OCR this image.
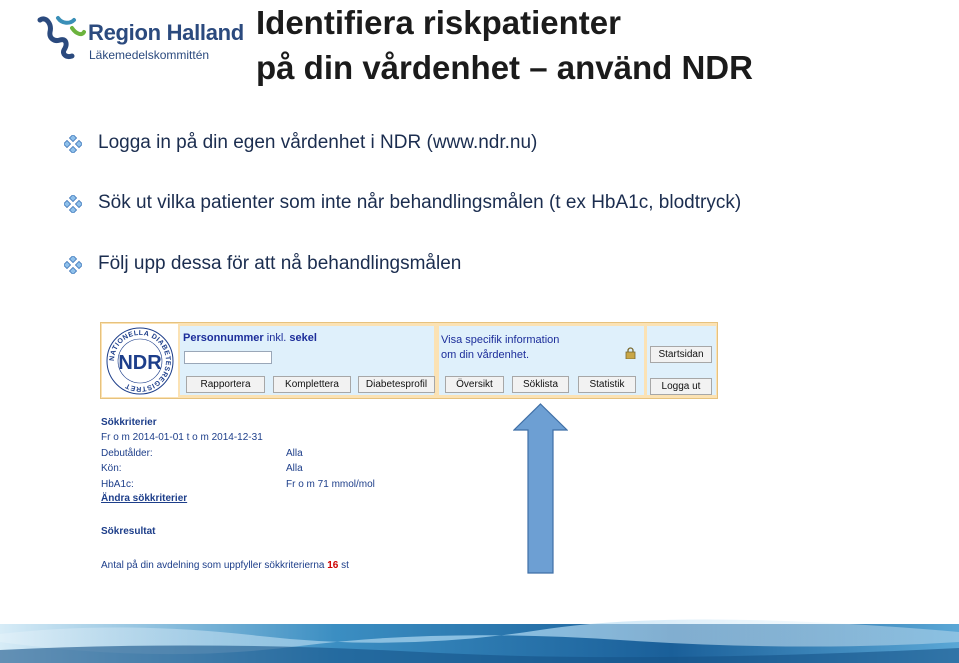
Region Halland
Läkemedelskommittén
Identifiera riskpatienter
på din vårdenhet – använd NDR
Logga in på din egen vårdenhet i NDR (www.ndr.nu)
Sök ut vilka patienter som inte når behandlingsmålen (t ex HbA1c, blodtryck)
Följ upp dessa för att nå behandlingsmålen
NATIONELLA DIABETESREGISTRET
NDR
Personnummer inkl. sekel
Rapportera	Komplettera	Diabetesprofil
Visa specifik information
om din vårdenhet.
Översikt	Söklista	Statistik
Startsidan
Logga ut
Sökkriterier
Fr o m 2014-01-01 t o m 2014-12-31
Debutålder:	Alla
Kön:	Alla
HbA1c:	Fr o m 71 mmol/mol
Ändra sökkriterier
Sökresultat
Antal på din avdelning som uppfyller sökkriterierna 16 st
